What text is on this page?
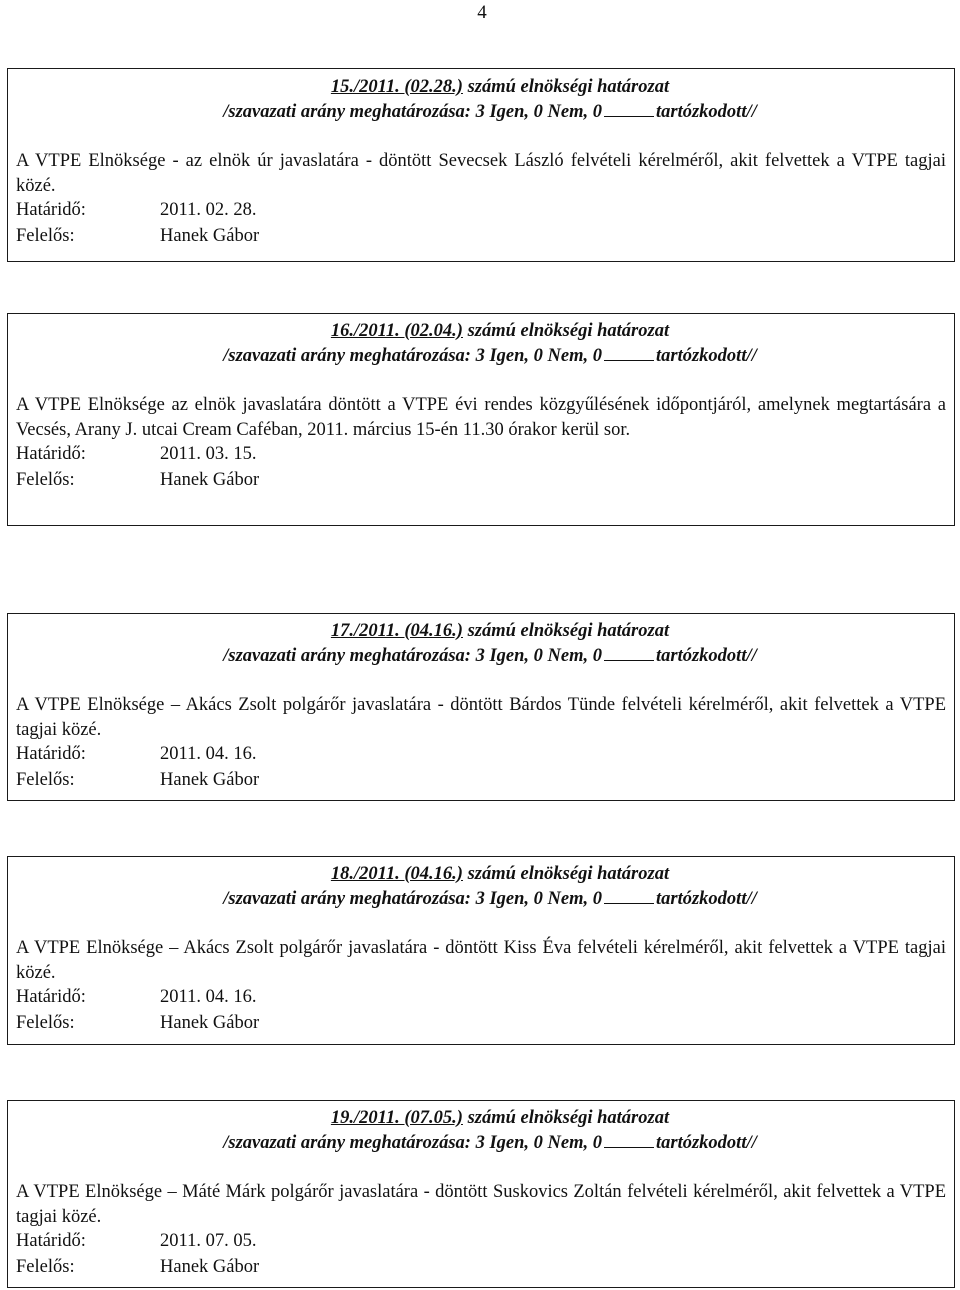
4
15./2011. (02.28.) számú elnökségi határozat
/szavazati arány meghatározása: 3 Igen, 0 Nem, 0	tartózkodott//
A VTPE Elnöksége - az elnök úr javaslatára - döntött Sevecsek László felvételi kérelméről, akit felvettek a VTPE tagjai közé.
Határidő:	2011. 02. 28.
Felelős:	Hanek Gábor
16./2011. (02.04.) számú elnökségi határozat
/szavazati arány meghatározása: 3 Igen, 0 Nem, 0	tartózkodott//
A VTPE Elnöksége az elnök javaslatára döntött a VTPE évi rendes közgyűlésének időpontjáról, amelynek megtartására a Vecsés, Arany J. utcai Cream Caféban, 2011. március 15-én 11.30 órakor kerül sor.
Határidő:	2011. 03. 15.
Felelős:	Hanek Gábor
17./2011. (04.16.) számú elnökségi határozat
/szavazati arány meghatározása: 3 Igen, 0 Nem, 0	tartózkodott//
A VTPE Elnöksége – Akács Zsolt polgárőr javaslatára - döntött Bárdos Tünde felvételi kérelméről, akit felvettek a VTPE tagjai közé.
Határidő:	2011. 04. 16.
Felelős:	Hanek Gábor
18./2011. (04.16.) számú elnökségi határozat
/szavazati arány meghatározása: 3 Igen, 0 Nem, 0	tartózkodott//
A VTPE Elnöksége – Akács Zsolt polgárőr javaslatára - döntött Kiss Éva felvételi kérelméről, akit felvettek a VTPE tagjai közé.
Határidő:	2011. 04. 16.
Felelős:	Hanek Gábor
19./2011. (07.05.) számú elnökségi határozat
/szavazati arány meghatározása: 3 Igen, 0 Nem, 0	tartózkodott//
A VTPE Elnöksége – Máté Márk polgárőr javaslatára - döntött Suskovics Zoltán felvételi kérelméről, akit felvettek a VTPE tagjai közé.
Határidő:	2011. 07. 05.
Felelős:	Hanek Gábor
